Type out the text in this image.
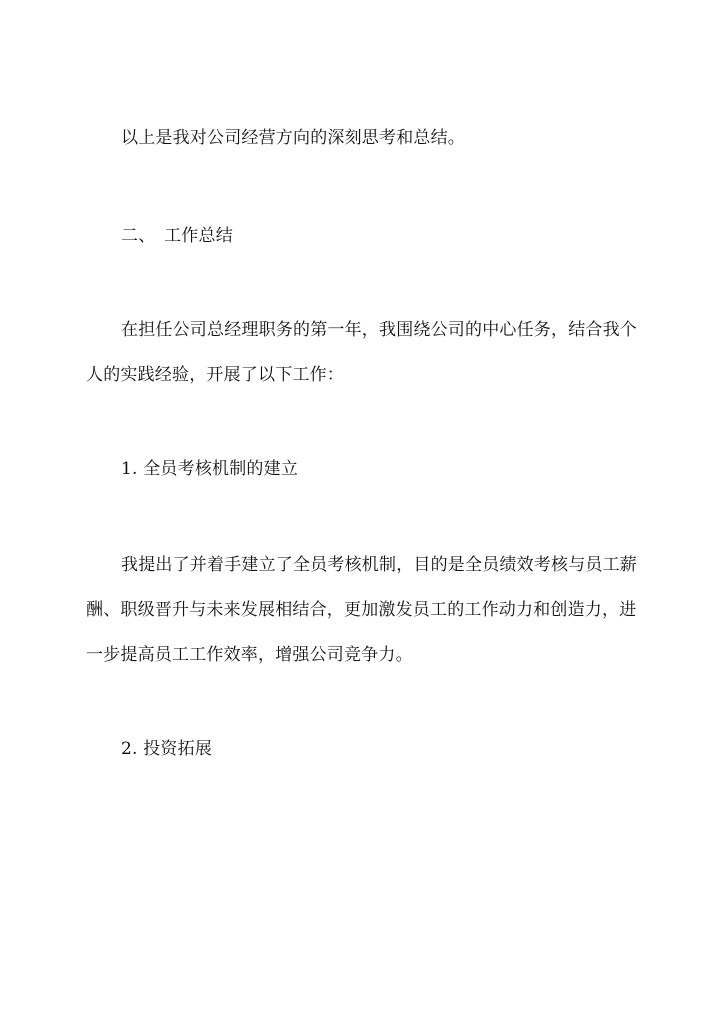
以上是我对公司经营方向的深刻思考和总结。
二、　工作总结
在担任公司总经理职务的第一年，我围绕公司的中心任务，结合我个
人的实践经验，开展了以下工作：
1. 全员考核机制的建立
我提出了并着手建立了全员考核机制，目的是全员绩效考核与员工薪
酬、职级晋升与未来发展相结合，更加激发员工的工作动力和创造力，进
一步提高员工工作效率，增强公司竞争力。
2. 投资拓展
